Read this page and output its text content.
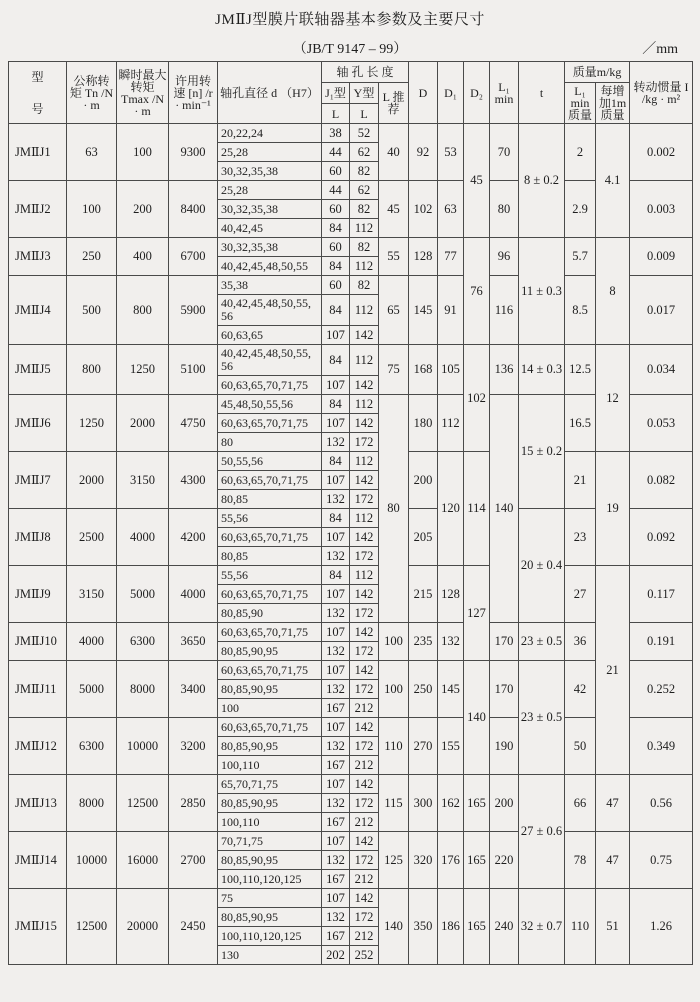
JMⅡJ型膜片联轴器基本参数及主要尺寸
（JB/T 9147 – 99）	／mm
型
号	公称转矩 Tn /N · m	瞬时最大转矩 Tmax /N · m	许用转速 [n] /r · min⁻¹	轴孔直径 d （H7）	轴 孔 长 度			D	D₁	D₂	L₁ min	t	质量m/kg		转动惯量 I /kg · m²
					J₁型	Y型	L 推荐						L₁ min 质量	每增加1m 质量	
					L	L									
JMⅡJ1	63	100	9300	20,22,24	38	52	40	92	53	45	70	8 ± 0.2	2	4.1	0.002
				25,28	44	62									
				30,32,35,38	60	82									
JMⅡJ2	100	200	8400	25,28	44	62	45	102	63		80		2.9		0.003
				30,32,35,38	60	82									
				40,42,45	84	112									
JMⅡJ3	250	400	6700	30,32,35,38	60	82	55	128	77	76	96	11 ± 0.3	5.7	8	0.009
				40,42,45,48,50,55	84	112									
JMⅡJ4	500	800	5900	35,38	60	82	65	145	91		116		8.5		0.017
				40,42,45,48,50,55, 56	84	112									
				60,63,65	107	142									
JMⅡJ5	800	1250	5100	40,42,45,48,50,55, 56	84	112	75	168	105	102	136	14 ± 0.3	12.5	12	0.034
				60,63,65,70,71,75	107	142									
JMⅡJ6	1250	2000	4750	45,48,50,55,56	84	112	80	180	112		140	15 ± 0.2	16.5		0.053
				60,63,65,70,71,75	107	142									
				80	132	172									
JMⅡJ7	2000	3150	4300	50,55,56	84	112		200	120	114			21	19	0.082
				60,63,65,70,71,75	107	142									
				80,85	132	172									
JMⅡJ8	2500	4000	4200	55,56	84	112		205				20 ± 0.4	23		0.092
				60,63,65,70,71,75	107	142									
				80,85	132	172									
JMⅡJ9	3150	5000	4000	55,56	84	112		215	128	127			27	21	0.117
				60,63,65,70,71,75	107	142									
				80,85,90	132	172									
JMⅡJ10	4000	6300	3650	60,63,65,70,71,75	107	142	100	235	132		170	23 ± 0.5	36		0.191
				80,85,90,95	132	172									
JMⅡJ11	5000	8000	3400	60,63,65,70,71,75	107	142	100	250	145	140	170	23 ± 0.5	42		0.252
				80,85,90,95	132	172									
				100	167	212									
JMⅡJ12	6300	10000	3200	60,63,65,70,71,75	107	142	110	270	155		190		50		0.349
				80,85,90,95	132	172									
				100,110	167	212									
JMⅡJ13	8000	12500	2850	65,70,71,75	107	142	115	300	162	165	200	27 ± 0.6	66	47	0.56
				80,85,90,95	132	172									
				100,110	167	212									
JMⅡJ14	10000	16000	2700	70,71,75	107	142	125	320	176	165	220		78	47	0.75
				80,85,90,95	132	172									
				100,110,120,125	167	212									
JMⅡJ15	12500	20000	2450	75	107	142	140	350	186	165	240	32 ± 0.7	110	51	1.26
				80,85,90,95	132	172									
				100,110,120,125	167	212									
				130	202	252									
